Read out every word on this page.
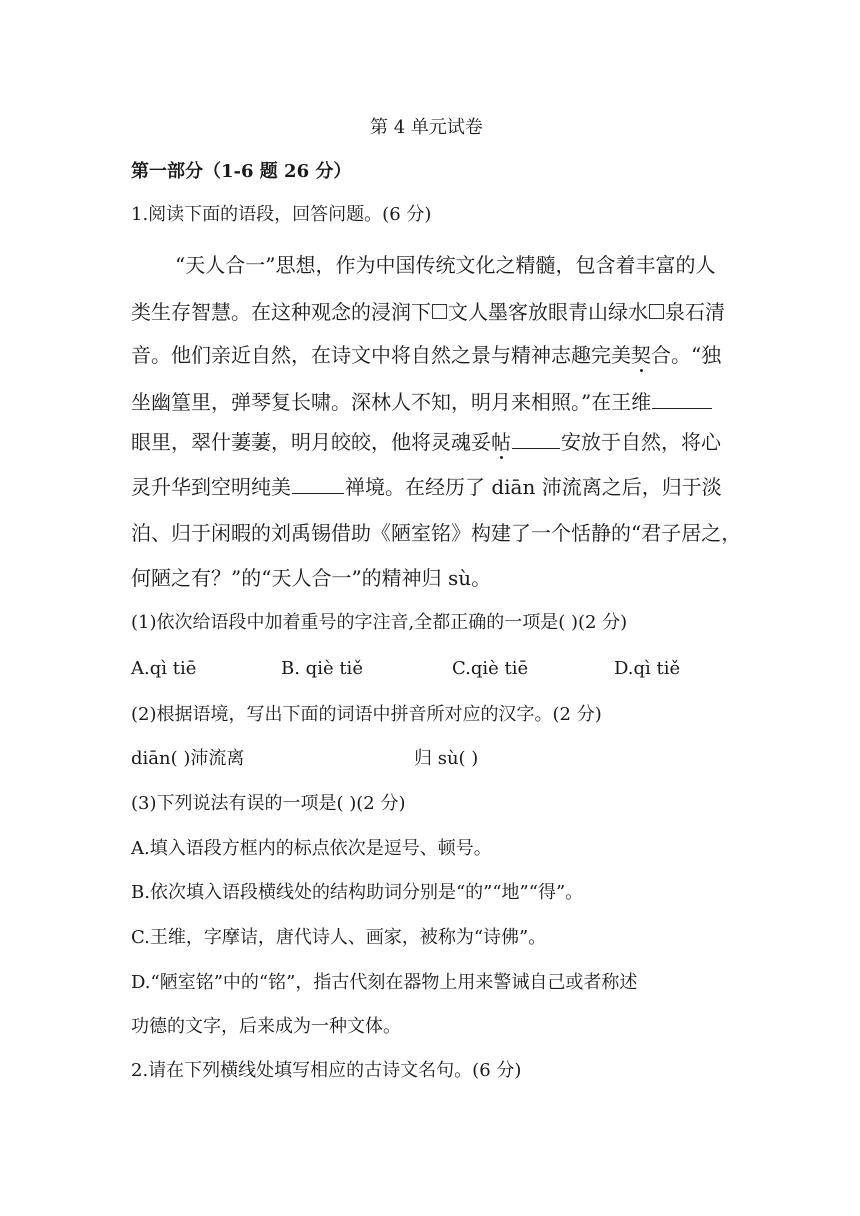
第 4 单元试卷
第一部分（1-6 题 26 分）
1.阅读下面的语段，回答问题。(6 分)
“天人合一”思想，作为中国传统文化之精髓，包含着丰富的人
类生存智慧。在这种观念的浸润下 文人墨客放眼青山绿水 泉石清
音。他们亲近自然，在诗文中将自然之景与精神志趣完美契合。“独
坐幽篁里，弹琴复长啸。深林人不知，明月来相照。”在王维
眼里，翠什萋萋，明月皎皎，他将灵魂妥帖	安放于自然，将心
灵升华到空明纯美	禅境。在经历了 diān 沛流离之后，归于淡
泊、归于闲暇的刘禹锡借助《陋室铭》构建了一个恬静的“君子居之，
何陋之有？”的“天人合一”的精神归 sù。
(1)依次给语段中加着重号的字注音,全都正确的一项是( )(2 分)
A.qì tiē	B. qiè tiě	C.qiè tiē	D.qì tiě
(2)根据语境，写出下面的词语中拼音所对应的汉字。(2 分)
diān( )沛流离	归 sù( )
(3)下列说法有误的一项是( )(2 分)
A.填入语段方框内的标点依次是逗号、顿号。
B.依次填入语段横线处的结构助词分别是“的”“地”“得”。
C.王维，字摩诘，唐代诗人、画家，被称为“诗佛”。
D.“陋室铭”中的“铭”，指古代刻在器物上用来警诫自己或者称述
功德的文字，后来成为一种文体。
2.请在下列横线处填写相应的古诗文名句。(6 分)
